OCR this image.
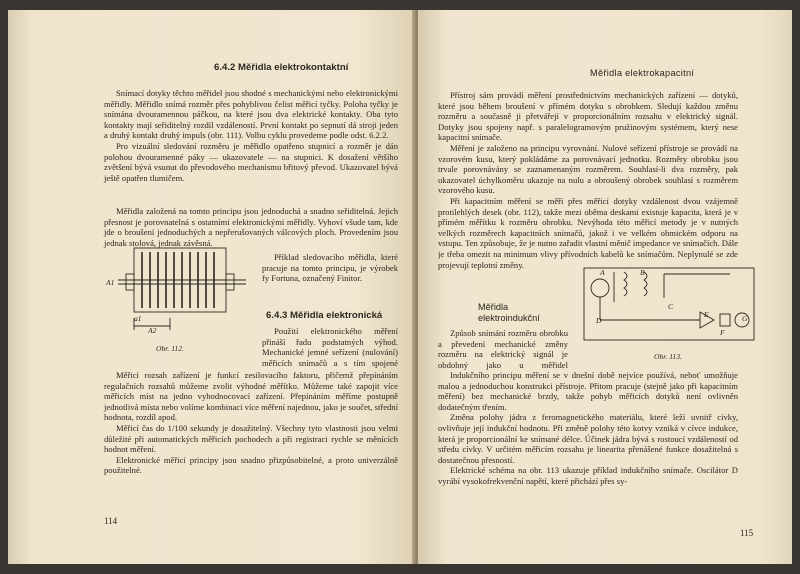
6.4.2 Měřidla elektrokontaktní

Snímací dotyky těchto měřidel jsou shodné s mechanickými nebo elektronickými měřidly. Měřidlo snímá rozměr přes pohyblivou čelist měřicí tyčky. Poloha tyčky je snímána dvouramennou páčkou, na které jsou dva elektrické kontakty. Oba tyto kontakty mají seřiditelný rozdíl vzdáleností. První kontakt po sepnutí dá stroji jeden a druhý kontakt druhý impuls (obr. 111). Volbu cyklu provedeme podle odst. 6.2.2.

Pro vizuální sledování rozměru je měřidlo opatřeno stupnicí a rozměr je dán polohou dvouramenné páky — ukazovatele — na stupnici. K dosažení většího zvětšení bývá vsunut do převodového mechanismu břitový převod. Ukazovatel bývá ještě opatřen tlumičem.

Měřidla založená na tomto principu jsou jednoduchá a snadno seřiditelná. Jejich přesnost je porovnatelná s ostatními elektronickými měřidly. Vyhoví všude tam, kde jde o broušení jednoduchých a nepřerušovaných válcových ploch. Provedením jsou jednak stolová, jednak závěsná.

Příklad sledovacího měřidla, které pracuje na tomto principu, je výrobek fy Fortuna, označený Finitor.

A1
a1
A2
Obr. 112.
6.4.3 Měřidla elektronická

Použití elektronického měření přináší řadu podstatných výhod. Mechanické jemné seřízení (nulování) měřicích snímačů a s tím spojené

Měřicí rozsah zařízení je funkcí zesilovacího faktoru, přičemž přepínáním regulačních rozsahů můžeme zvolit výhodné měřítko. Můžeme také zapojit více měřicích míst na jedno vyhodnocovací zařízení. Přepínáním měříme postupně jednotlivá místa nebo volíme kombinaci více měření najednou, jako je součet, střední hodnota, rozdíl apod.

Měřicí čas do 1/100 sekundy je dosažitelný. Všechny tyto vlastnosti jsou velmi důležité při automatických měřicích pochodech a při registraci rychle se měnících hodnot měření.

Elektronické měřicí principy jsou snadno přizpůsobitelné, a proto univerzálně použitelné.

114
Měřidla elektrokapacitní

Přístroj sám provádí měření prostřednictvím mechanických zařízení — dotyků, které jsou během broušení v přímém dotyku s obrobkem. Sledují každou změnu rozměru a současně ji přetvářejí v proporcionálním rozsahu v elektrický signál. Dotyky jsou spojeny např. s paralelogramovým pružinovým systémem, který nese kapacitní snímače.

Měření je založeno na principu vyrovnání. Nulové seřízení přístroje se provádí na vzorovém kusu, který pokládáme za porovnávací jednotku. Rozměry obrobku jsou trvale porovnávány se zaznamenaným rozměrem. Souhlasí-li dva rozměry, pak ukazovatel úchylkoměru ukazuje na nulu a obroušený obrobek souhlasí s rozměrem vzorového kusu.

Při kapacitním měření se měří přes měřicí dotyky vzdálenost dvou vzájemně protilehlých desek (obr. 112), takže mezi oběma deskami existuje kapacita, která je v přímém měřítku k rozměru obrobku. Nevýhoda této měřicí metody je v nutných velkých rozměrech kapacitních snímačů, jakož i ve velkém ohmickém odporu na vstupu. Ten způsobuje, že je nutno zařadit vlastní měnič impedance ve snímačích. Dále je třeba omezit na minimum vlivy přívodních kabelů ke snímačům. Neplynulé se zde projevují teplotní změny.

Měřidla elektroindukční

Způsob snímání rozměru obrobku a převedení mechanické změny rozměru na elektrický signál je obdobný jako u měřidel

Obr. 113.
A	B
C
D
E
F
G

Indukčního principu měření se v dnešní době nejvíce používá, neboť umožňuje malou a jednoduchou konstrukci přístroje. Přitom pracuje (stejně jako při kapacitním měření) bez mechanické brzdy, takže pohyb měřicích dotyků není ovlivněn dodatečným třením.

Změna polohy jádra z feromagnetického materiálu, které leží uvnitř cívky, ovlivňuje její indukční hodnotu. Při změně polohy této kotvy vzniká v cívce indukce, která je proporcionální ke snímané délce. Účinek jádra bývá s rostoucí vzdáleností od středu cívky. V určitém měřicím rozsahu je linearita přenášené funkce dosažitelná s dostatečnou přesností.

Elektrické schéma na obr. 113 ukazuje příklad indukčního snímače. Oscilátor D vyrábí vysokofrekvenční napětí, které přichází přes sy-

115
